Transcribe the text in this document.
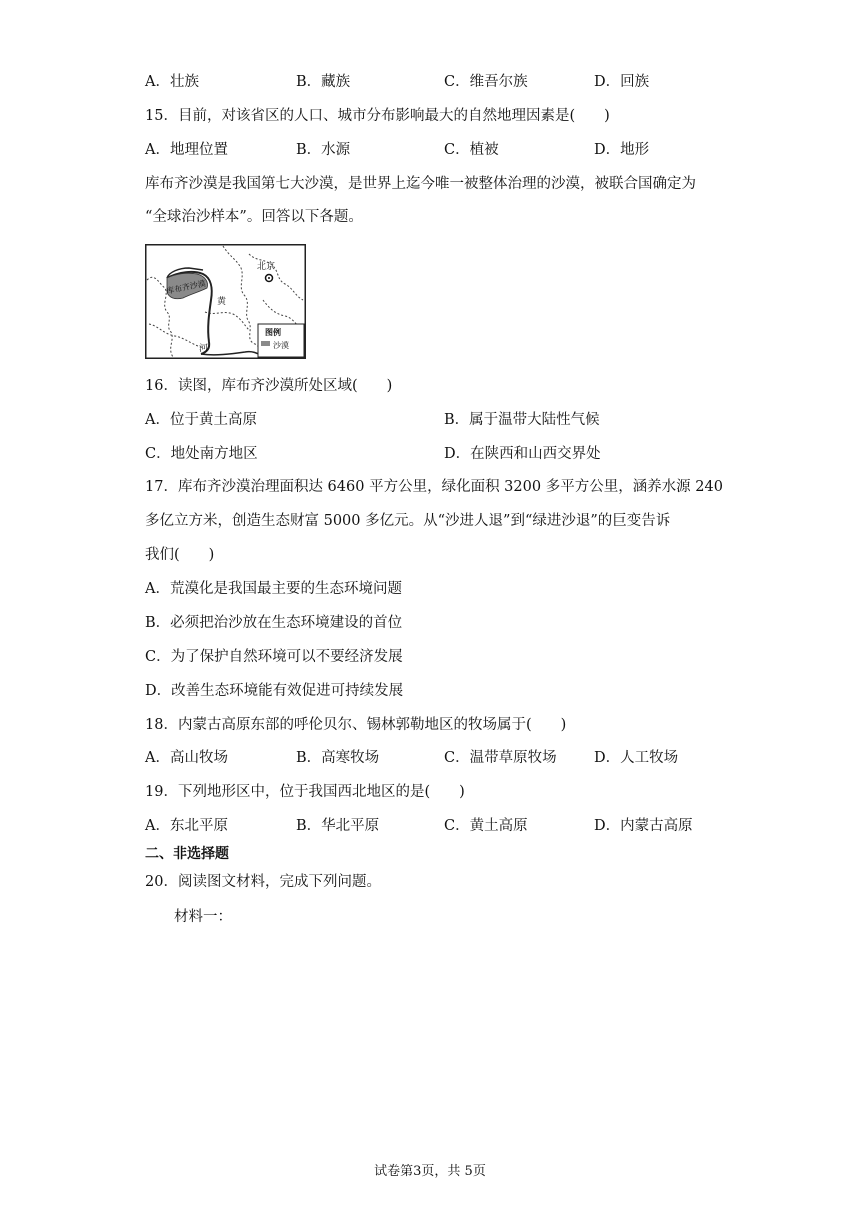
A．壮族	B．藏族	C．维吾尔族	D．回族
15．目前，对该省区的人口、城市分布影响最大的自然地理因素是(　　)
A．地理位置	B．水源	C．植被	D．地形
库布齐沙漠是我国第七大沙漠，是世界上迄今唯一被整体治理的沙漠，被联合国确定为
“全球治沙样本”。回答以下各题。
库布齐沙漠
北京
黄
河
图例
沙漠
16．读图，库布齐沙漠所处区域(　　)
A．位于黄土高原	B．属于温带大陆性气候
C．地处南方地区	D．在陕西和山西交界处
17．库布齐沙漠治理面积达 6460 平方公里，绿化面积 3200 多平方公里，涵养水源 240
多亿立方米，创造生态财富 5000 多亿元。从“沙进人退”到“绿进沙退”的巨变告诉
我们(　　)
A．荒漠化是我国最主要的生态环境问题
B．必须把治沙放在生态环境建设的首位
C．为了保护自然环境可以不要经济发展
D．改善生态环境能有效促进可持续发展
18．内蒙古高原东部的呼伦贝尔、锡林郭勒地区的牧场属于(　　)
A．高山牧场	B．高寒牧场	C．温带草原牧场	D．人工牧场
19．下列地形区中，位于我国西北地区的是(　　)
A．东北平原	B．华北平原	C．黄土高原	D．内蒙古高原
二、非选择题
20．阅读图文材料，完成下列问题。
材料一：
试卷第3页，共 5页
